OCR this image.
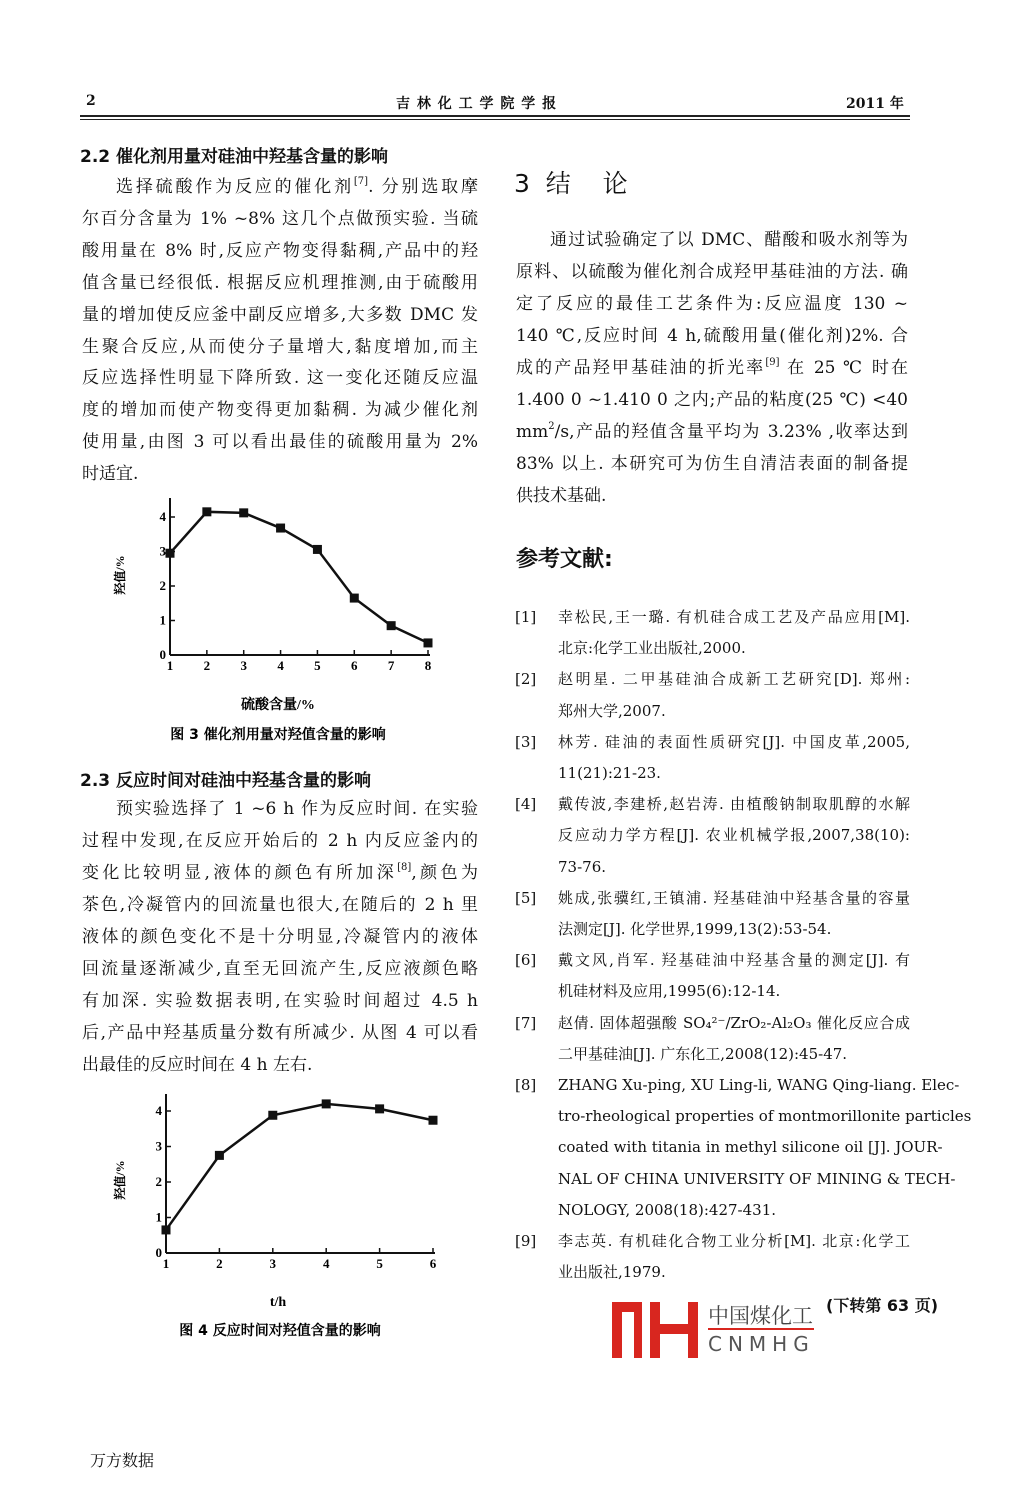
2	吉 林 化 工 学 院 学 报	2011 年
2.2 催化剂用量对硅油中羟基含量的影响
选择硫酸作为反应的催化剂[7]. 分别选取摩
尔百分含量为 1% ~8% 这几个点做预实验. 当硫
酸用量在 8% 时,反应产物变得黏稠,产品中的羟
值含量已经很低. 根据反应机理推测,由于硫酸用
量的增加使反应釜中副反应增多,大多数 DMC 发
生聚合反应,从而使分子量增大,黏度增加,而主
反应选择性明显下降所致. 这一变化还随反应温
度的增加而使产物变得更加黏稠. 为减少催化剂
使用量,由图 3 可以看出最佳的硫酸用量为 2%
时适宜.
0
1
2
3
4
1 2 3 4 5 6 7 8
羟值/%
硫酸含量/%
图 3 催化剂用量对羟值含量的影响
2.3 反应时间对硅油中羟基含量的影响
预实验选择了 1 ~6 h 作为反应时间. 在实验
过程中发现,在反应开始后的 2 h 内反应釜内的
变化比较明显,液体的颜色有所加深[8],颜色为
茶色,冷凝管内的回流量也很大,在随后的 2 h 里
液体的颜色变化不是十分明显,冷凝管内的液体
回流量逐渐减少,直至无回流产生,反应液颜色略
有加深. 实验数据表明,在实验时间超过 4.5 h
后,产品中羟基质量分数有所减少. 从图 4 可以看
出最佳的反应时间在 4 h 左右.
0
1
2
3
4
1	2	3	4	5	6
羟值/%
t/h
图 4 反应时间对羟值含量的影响
3  结    论
通过试验确定了以 DMC、醋酸和吸水剂等为
原料、以硫酸为催化剂合成羟甲基硅油的方法. 确
定了反应的最佳工艺条件为:反应温度 130 ~
140 ℃,反应时间 4 h,硫酸用量(催化剂)2%. 合
成的产品羟甲基硅油的折光率[9] 在 25 ℃ 时在
1.400 0 ~1.410 0 之内;产品的粘度(25 ℃) <40
$mm^2/s$,产品的羟值含量平均为 3.23% ,收率达到
83% 以上. 本研究可为仿生自清洁表面的制备提
供技术基础.
参考文献:
[1] 幸松民,王一璐. 有机硅合成工艺及产品应用[M].
北京:化学工业出版社,2000.
[2] 赵明星. 二甲基硅油合成新工艺研究[D]. 郑州:
郑州大学,2007.
[3] 林芳. 硅油的表面性质研究[J]. 中国皮革,2005,
11(21):21-23.
[4] 戴传波,李建桥,赵岩涛. 由植酸钠制取肌醇的水解
反应动力学方程[J]. 农业机械学报,2007,38(10):
73-76.
[5] 姚成,张骥红,王镇浦. 羟基硅油中羟基含量的容量
法测定[J]. 化学世界,1999,13(2):53-54.
[6] 戴文风,肖军. 羟基硅油中羟基含量的测定[J]. 有
机硅材料及应用,1995(6):12-14.
[7] 赵倩. 固体超强酸 SO₄²⁻/ZrO₂-Al₂O₃ 催化反应合成
二甲基硅油[J]. 广东化工,2008(12):45-47.
[8] ZHANG Xu-ping, XU Ling-li, WANG Qing-liang. Elec-
tro-rheological properties of montmorillonite particles
coated with titania in methyl silicone oil [J]. JOUR-
NAL OF CHINA UNIVERSITY OF MINING & TECH-
NOLOGY, 2008(18):427-431.
[9] 李志英. 有机硅化合物工业分析[M]. 北京:化学工
业出版社,1979.
中国煤化工
CNMHG
(下转第 63 页)
万方数据
